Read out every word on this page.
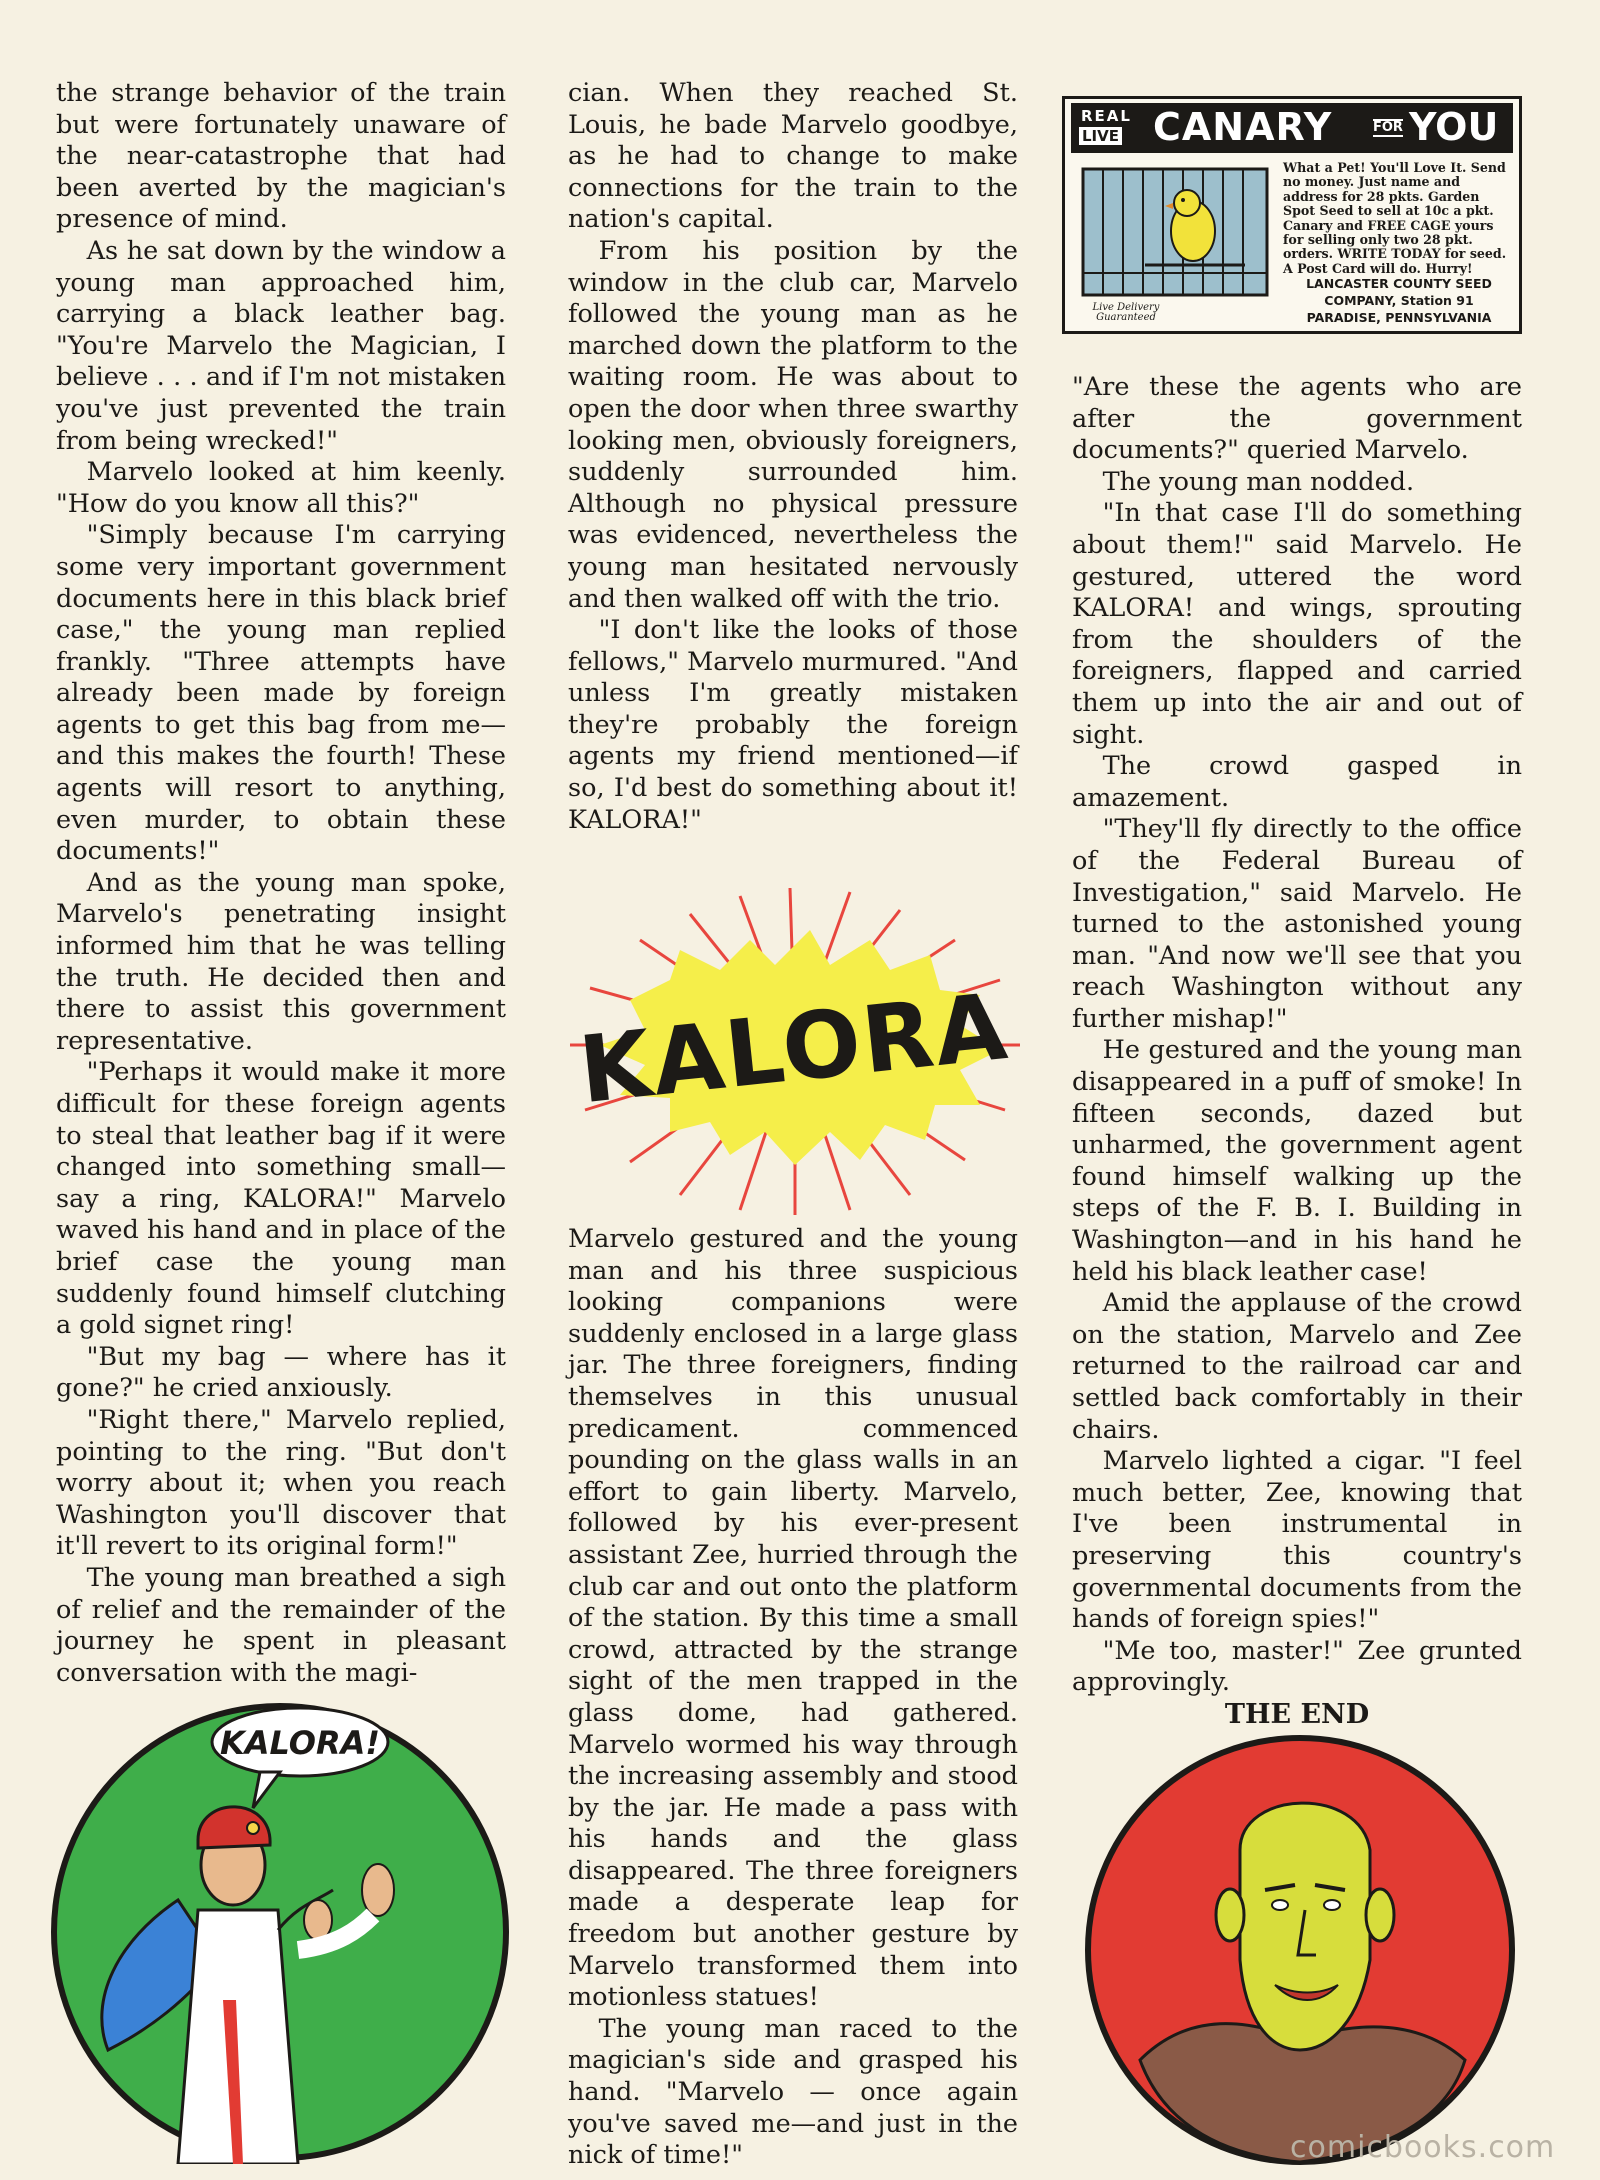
the strange behavior of the train but were fortunately unaware of the near-catastrophe that had been averted by the magician's presence of mind.

As he sat down by the window a young man approached him, carrying a black leather bag. "You're Marvelo the Magician, I believe . . . and if I'm not mistaken you've just prevented the train from being wrecked!"

Marvelo looked at him keenly. "How do you know all this?"

"Simply because I'm carrying some very important government documents here in this black brief case," the young man replied frankly. "Three attempts have already been made by foreign agents to get this bag from me—and this makes the fourth! These agents will resort to anything, even murder, to obtain these documents!"

And as the young man spoke, Marvelo's penetrating insight informed him that he was telling the truth. He decided then and there to assist this government representative.

"Perhaps it would make it more difficult for these foreign agents to steal that leather bag if it were changed into something small—say a ring, KALORA!" Marvelo waved his hand and in place of the brief case the young man suddenly found himself clutching a gold signet ring!

"But my bag — where has it gone?" he cried anxiously.

"Right there," Marvelo replied, pointing to the ring. "But don't worry about it; when you reach Washington you'll discover that it'll revert to its original form!"

The young man breathed a sigh of relief and the remainder of the journey he spent in pleasant conversation with the magi-

cian. When they reached St. Louis, he bade Marvelo goodbye, as he had to change to make connections for the train to the nation's capital.

From his position by the window in the club car, Marvelo followed the young man as he marched down the platform to the waiting room. He was about to open the door when three swarthy looking men, obviously foreigners, suddenly surrounded him. Although no physical pressure was evidenced, nevertheless the young man hesitated nervously and then walked off with the trio.

"I don't like the looks of those fellows," Marvelo murmured. "And unless I'm greatly mistaken they're probably the foreign agents my friend mentioned—if so, I'd best do something about it! KALORA!"

KALORA

Marvelo gestured and the young man and his three suspicious looking companions were suddenly enclosed in a large glass jar. The three foreigners, finding themselves in this unusual predicament. commenced pounding on the glass walls in an effort to gain liberty. Marvelo, followed by his ever-present assistant Zee, hurried through the club car and out onto the platform of the station. By this time a small crowd, attracted by the strange sight of the men trapped in the glass dome, had gathered. Marvelo wormed his way through the increasing assembly and stood by the jar. He made a pass with his hands and the glass disappeared. The three foreigners made a desperate leap for freedom but another gesture by Marvelo transformed them into motionless statues!

The young man raced to the magician's side and grasped his hand. "Marvelo — once again you've saved me—and just in the nick of time!"

REAL
LIVE CANARY	FOR YOU
Live Delivery Guaranteed
What a Pet! You'll Love It. Send no money. Just name and address for 28 pkts. Garden Spot Seed to sell at 10c a pkt. Canary and FREE CAGE yours for selling only two 28 pkt. orders. WRITE TODAY for seed. A Post Card will do. Hurry!
LANCASTER COUNTY SEED
COMPANY, Station 91
PARADISE, PENNSYLVANIA

"Are these the agents who are after the government documents?" queried Marvelo.

The young man nodded.

"In that case I'll do something about them!" said Marvelo. He gestured, uttered the word KALORA! and wings, sprouting from the shoulders of the foreigners, flapped and carried them up into the air and out of sight.

The crowd gasped in amazement.

"They'll fly directly to the office of the Federal Bureau of Investigation," said Marvelo. He turned to the astonished young man. "And now we'll see that you reach Washington without any further mishap!"

He gestured and the young man disappeared in a puff of smoke! In fifteen seconds, dazed but unharmed, the government agent found himself walking up the steps of the F. B. I. Building in Washington—and in his hand he held his black leather case!

Amid the applause of the crowd on the station, Marvelo and Zee returned to the railroad car and settled back comfortably in their chairs.

Marvelo lighted a cigar. "I feel much better, Zee, knowing that I've been instrumental in preserving this country's governmental documents from the hands of foreign spies!"

"Me too, master!" Zee grunted approvingly.

THE END

KALORA!
comicbooks.com
